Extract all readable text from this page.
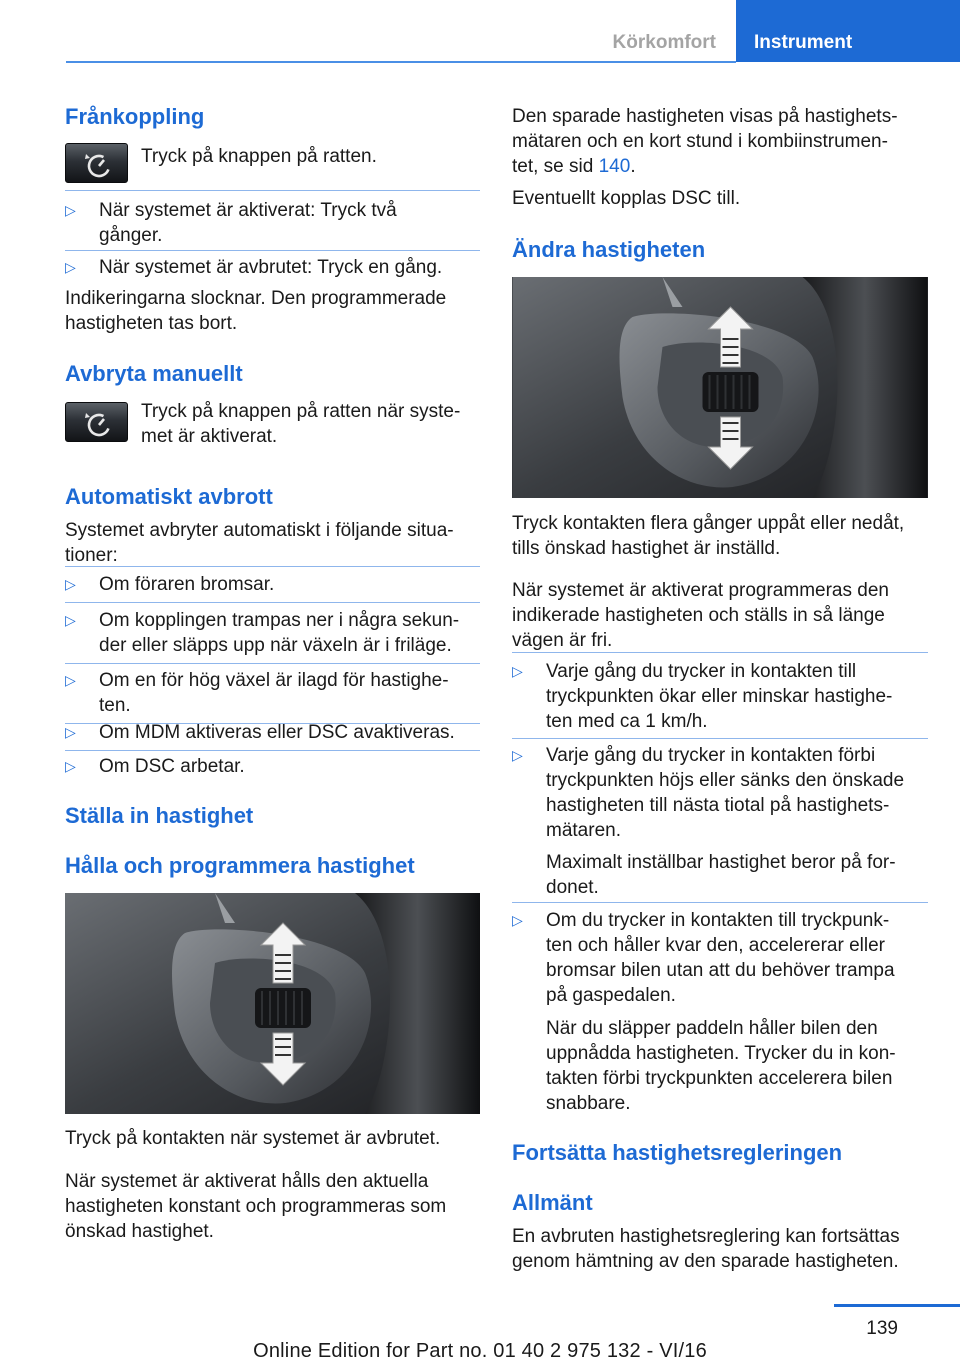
Körkomfort	Instrument
Frånkoppling
Tryck på knappen på ratten.
▷ När systemet är aktiverat: Tryck två
gånger.
▷ När systemet är avbrutet: Tryck en gång.
Indikeringarna slocknar. Den programmerade
hastigheten tas bort.
Avbryta manuellt
Tryck på knappen på ratten när syste‐
met är aktiverat.
Automatiskt avbrott
Systemet avbryter automatiskt i följande situa‐
tioner:
▷ Om föraren bromsar.
▷ Om kopplingen trampas ner i några sekun‐
der eller släpps upp när växeln är i friläge.
▷ Om en för hög växel är ilagd för hastighe‐
ten.
▷ Om MDM aktiveras eller DSC avaktiveras.
▷ Om DSC arbetar.
Ställa in hastighet
Hålla och programmera hastighet
Tryck på kontakten när systemet är avbrutet.
När systemet är aktiverat hålls den aktuella
hastigheten konstant och programmeras som
önskad hastighet.
Den sparade hastigheten visas på hastighets‐
mätaren och en kort stund i kombiinstrumen‐
tet, se sid 140.
Eventuellt kopplas DSC till.
Ändra hastigheten
Tryck kontakten flera gånger uppåt eller nedåt,
tills önskad hastighet är inställd.
När systemet är aktiverat programmeras den
indikerade hastigheten och ställs in så länge
vägen är fri.
▷ Varje gång du trycker in kontakten till
tryckpunkten ökar eller minskar hastighe‐
ten med ca 1 km/h.
▷ Varje gång du trycker in kontakten förbi
tryckpunkten höjs eller sänks den önskade
hastigheten till nästa tiotal på hastighets‐
mätaren.
Maximalt inställbar hastighet beror på for‐
donet.
▷ Om du trycker in kontakten till tryckpunk‐
ten och håller kvar den, accelererar eller
bromsar bilen utan att du behöver trampa
på gaspedalen.
När du släpper paddeln håller bilen den
uppnådda hastigheten. Trycker du in kon‐
takten förbi tryckpunkten accelerera bilen
snabbare.
Fortsätta hastighetsregleringen
Allmänt
En avbruten hastighetsreglering kan fortsättas
genom hämtning av den sparade hastigheten.
139
Online Edition for Part no. 01 40 2 975 132 - VI/16
